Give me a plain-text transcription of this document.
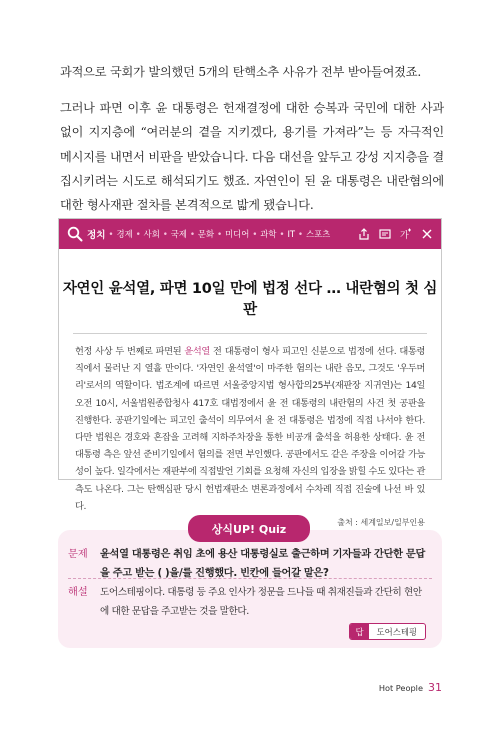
과적으로 국회가 발의했던 5개의 탄핵소추 사유가 전부 받아들여졌죠.

그러나 파면 이후 윤 대통령은 헌재결정에 대한 승복과 국민에 대한 사과 없이 지지층에 “여러분의 곁을 지키겠다, 용기를 가져라”는 등 자극적인 메시지를 내면서 비판을 받았습니다. 다음 대선을 앞두고 강성 지지층을 결집시키려는 시도로 해석되기도 했죠. 자연인이 된 윤 대통령은 내란혐의에 대한 형사재판 절차를 본격적으로 밟게 됐습니다.

정치 • 경제 • 사회 • 국제 • 문화 • 미디어 • 과학 • IT • 스포츠	가
자연인 윤석열, 파면 10일 만에 법정 선다 … 내란혐의 첫 심판
헌정 사상 두 번째로 파면된 윤석열 전 대통령이 형사 피고인 신분으로 법정에 선다. 대통령직에서 물러난 지 열흘 만이다. '자연인 윤석열'이 마주한 혐의는 내란 음모, 그것도 '우두머리'로서의 역할이다. 법조계에 따르면 서울중앙지법 형사합의25부(재판장 지귀연)는 14일 오전 10시, 서울법원종합청사 417호 대법정에서 윤 전 대통령의 내란혐의 사건 첫 공판을 진행한다. 공판기일에는 피고인 출석이 의무여서 윤 전 대통령은 법정에 직접 나서야 한다. 다만 법원은 경호와 혼잡을 고려해 지하주차장을 통한 비공개 출석을 허용한 상태다. 윤 전 대통령 측은 앞선 준비기일에서 혐의를 전면 부인했다. 공판에서도 같은 주장을 이어갈 가능성이 높다. 일각에서는 재판부에 직접발언 기회를 요청해 자신의 입장을 밝힐 수도 있다는 관측도 나온다. 그는 탄핵심판 당시 헌법재판소 변론과정에서 수차례 직접 진술에 나선 바 있다.
출처 : 세계일보/일부인용
상식UP! Quiz
문제	윤석열 대통령은 취임 초에 용산 대통령실로 출근하며 기자들과 간단한 문답을 주고 받는 ( )을/를 진행했다. 빈칸에 들어갈 말은?
해설	도어스테핑이다. 대통령 등 주요 인사가 정문을 드나들 때 취재진들과 간단히 현안에 대한 문답을 주고받는 것을 말한다.
답	도어스테핑
Hot People 31
